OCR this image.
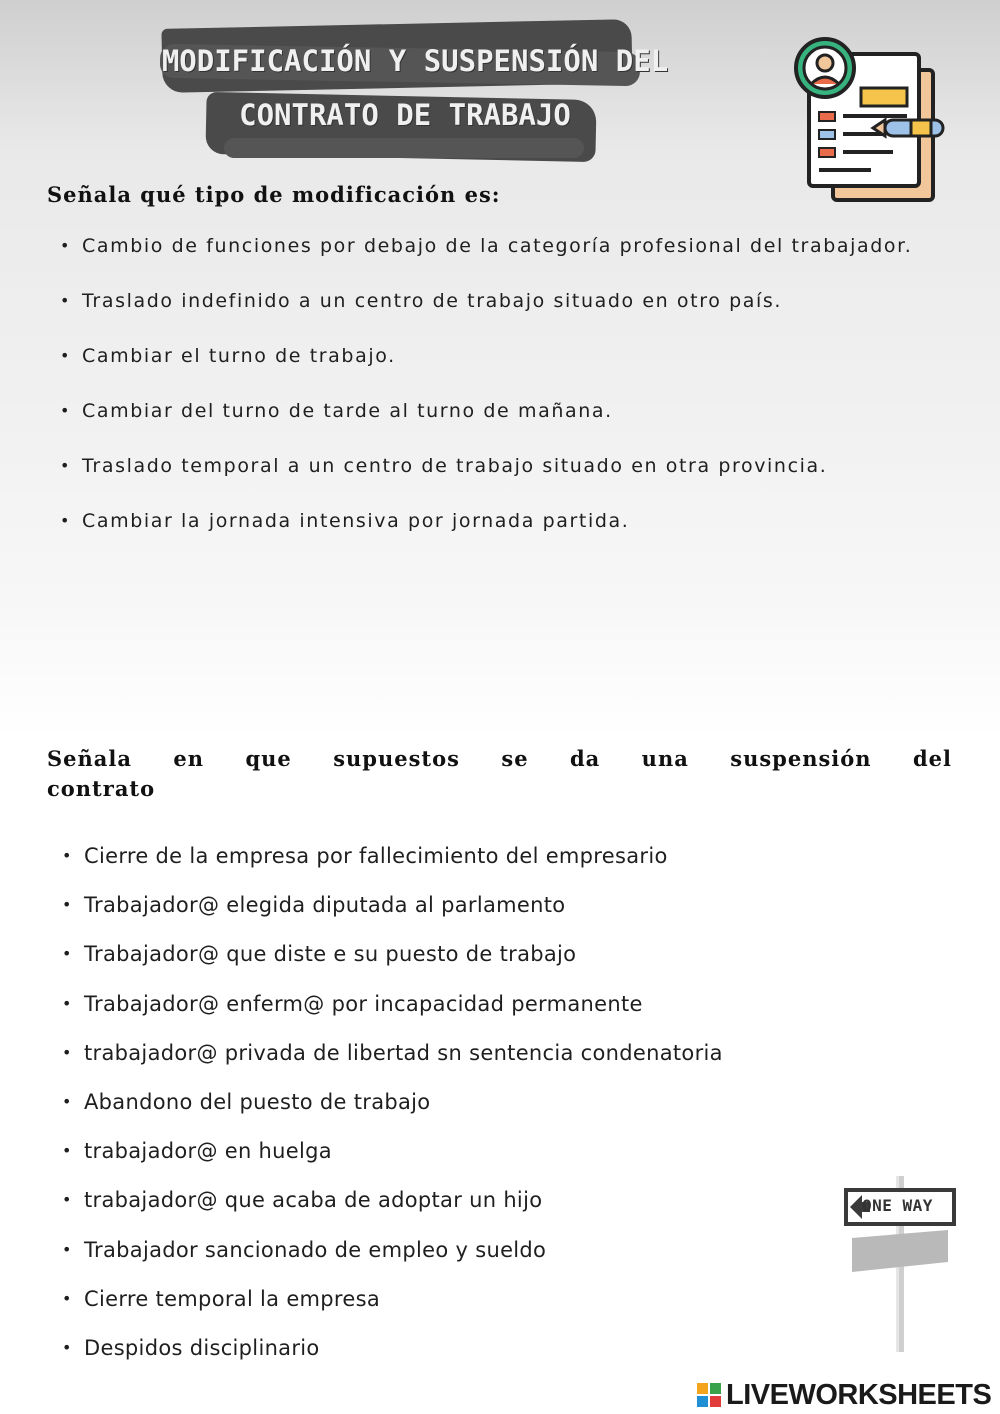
MODIFICACIÓN Y SUSPENSIÓN DEL
CONTRATO DE TRABAJO
Señala qué tipo de modificación es:
• Cambio de funciones por debajo de la categoría profesional del trabajador.
• Traslado indefinido a un centro de trabajo situado en otro país.
• Cambiar el turno de trabajo.
• Cambiar del turno de tarde al turno de mañana.
• Traslado temporal a un centro de trabajo situado en otra provincia.
• Cambiar la jornada intensiva por jornada partida.
Señala en que supuestos se da una suspensión del contrato
• Cierre de la empresa por fallecimiento del empresario
• Trabajador@ elegida diputada al parlamento
• Trabajador@ que diste e su puesto de trabajo
• Trabajador@ enferm@ por incapacidad permanente
• trabajador@ privada de libertad sn sentencia condenatoria
• Abandono del puesto de trabajo
• trabajador@ en huelga
• trabajador@ que acaba de adoptar un hijo
• Trabajador sancionado de empleo y sueldo
• Cierre temporal la empresa
• Despidos disciplinario
ONE WAY
LIVEWORKSHEETS
